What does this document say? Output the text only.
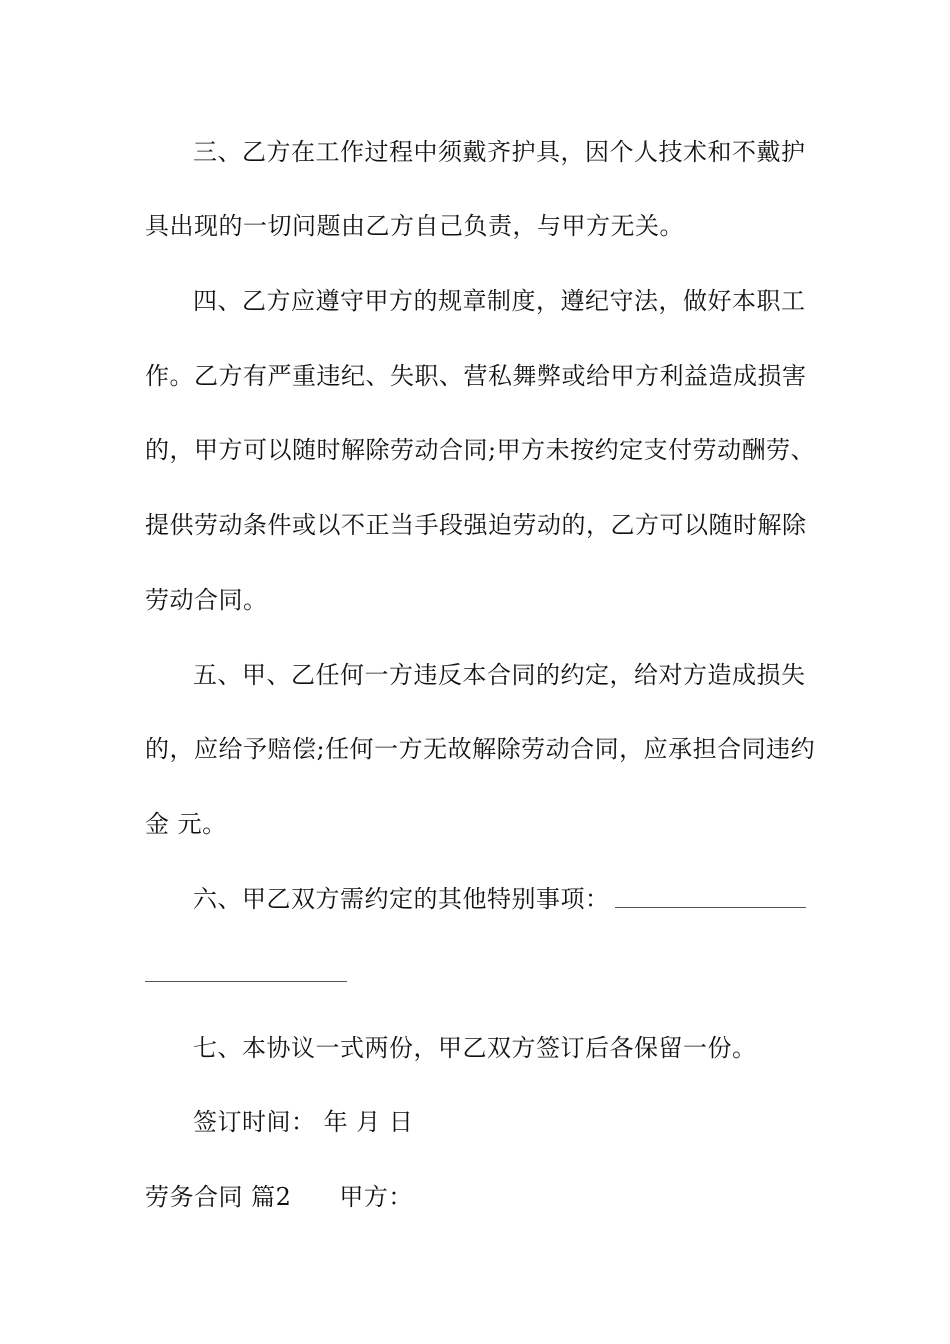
三、乙方在工作过程中须戴齐护具，因个人技术和不戴护
具出现的一切问题由乙方自己负责，与甲方无关。
四、乙方应遵守甲方的规章制度，遵纪守法，做好本职工
作。乙方有严重违纪、失职、营私舞弊或给甲方利益造成损害
的，甲方可以随时解除劳动合同;甲方未按约定支付劳动酬劳、
提供劳动条件或以不正当手段强迫劳动的，乙方可以随时解除
劳动合同。
五、甲、乙任何一方违反本合同的约定，给对方造成损失
的，应给予赔偿;任何一方无故解除劳动合同，应承担合同违约
金 元。
六、甲乙双方需约定的其他特别事项：
七、本协议一式两份，甲乙双方签订后各保留一份。
签订时间： 年 月 日
劳务合同 篇2 甲方：
